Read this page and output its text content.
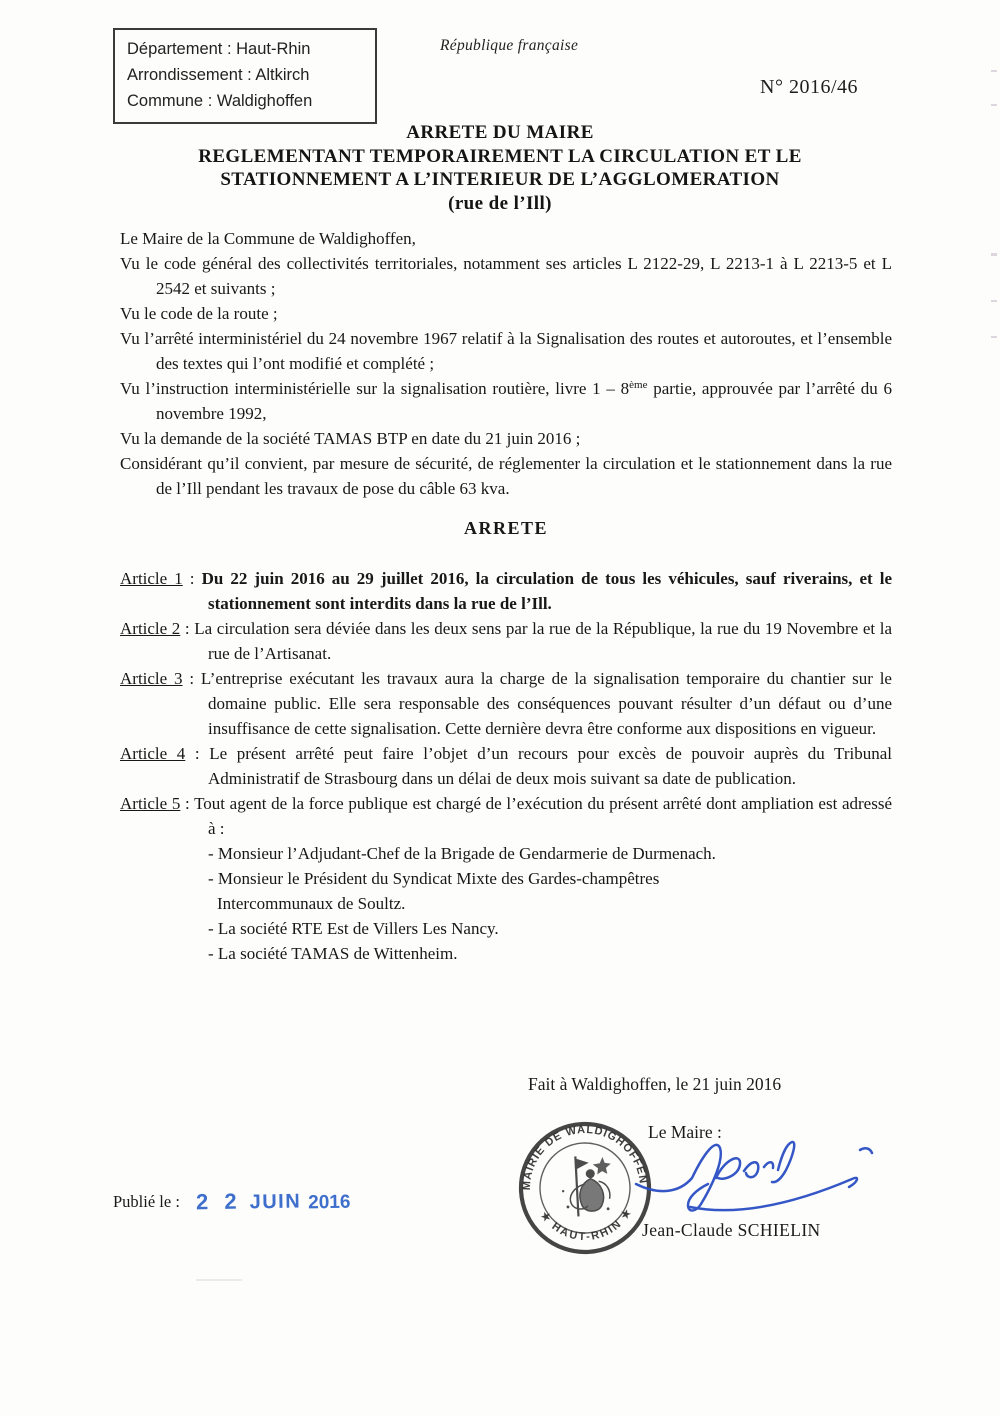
Département : Haut-Rhin
Arrondissement : Altkirch
Commune : Waldighoffen
République française
N° 2016/46
ARRETE DU MAIRE
REGLEMENTANT TEMPORAIREMENT LA CIRCULATION ET LE
STATIONNEMENT A L’INTERIEUR DE L’AGGLOMERATION
(rue de l’Ill)

Le Maire de la Commune de Waldighoffen,

Vu le code général des collectivités territoriales, notamment ses articles L 2122-29, L 2213-1 à L 2213-5 et L 2542 et suivants ;

Vu le code de la route ;

Vu l’arrêté interministériel du 24 novembre 1967 relatif à la Signalisation des routes et autoroutes, et l’ensemble des textes qui l’ont modifié et complété ;

Vu l’instruction interministérielle sur la signalisation routière, livre 1 – 8ème partie, approuvée par l’arrêté du 6 novembre 1992,

Vu la demande de la société TAMAS BTP en date du 21 juin 2016 ;

Considérant qu’il convient, par mesure de sécurité, de réglementer la circulation et le stationnement dans la rue de l’Ill pendant les travaux de pose du câble 63 kva.

ARRETE

Article 1 : Du 22 juin 2016 au 29 juillet 2016, la circulation de tous les véhicules, sauf riverains, et le stationnement sont interdits dans la rue de l’Ill.

Article 2 : La circulation sera déviée dans les deux sens par la rue de la République, la rue du 19 Novembre et la rue de l’Artisanat.

Article 3 : L’entreprise exécutant les travaux aura la charge de la signalisation temporaire du chantier sur le domaine public. Elle sera responsable des conséquences pouvant résulter d’un défaut ou d’une insuffisance de cette signalisation. Cette dernière devra être conforme aux dispositions en vigueur.

Article 4 : Le présent arrêté peut faire l’objet d’un recours pour excès de pouvoir auprès du Tribunal Administratif de Strasbourg dans un délai de deux mois suivant sa date de publication.

Article 5 : Tout agent de la force publique est chargé de l’exécution du présent arrêté dont ampliation est adressé à :

- Monsieur l’Adjudant-Chef de la Brigade de Gendarmerie de Durmenach.
- Monsieur le Président du Syndicat Mixte des Gardes-champêtres
Intercommunaux de Soultz.
- La société RTE Est de Villers Les Nancy.
- La société TAMAS de Wittenheim.
Fait à Waldighoffen, le 21 juin 2016
Le Maire :
Jean-Claude SCHIELIN
MAIRIE DE WALDIGHOFFEN
★ HAUT-RHIN ★
Publié le : 2 2 JUIN 2016
